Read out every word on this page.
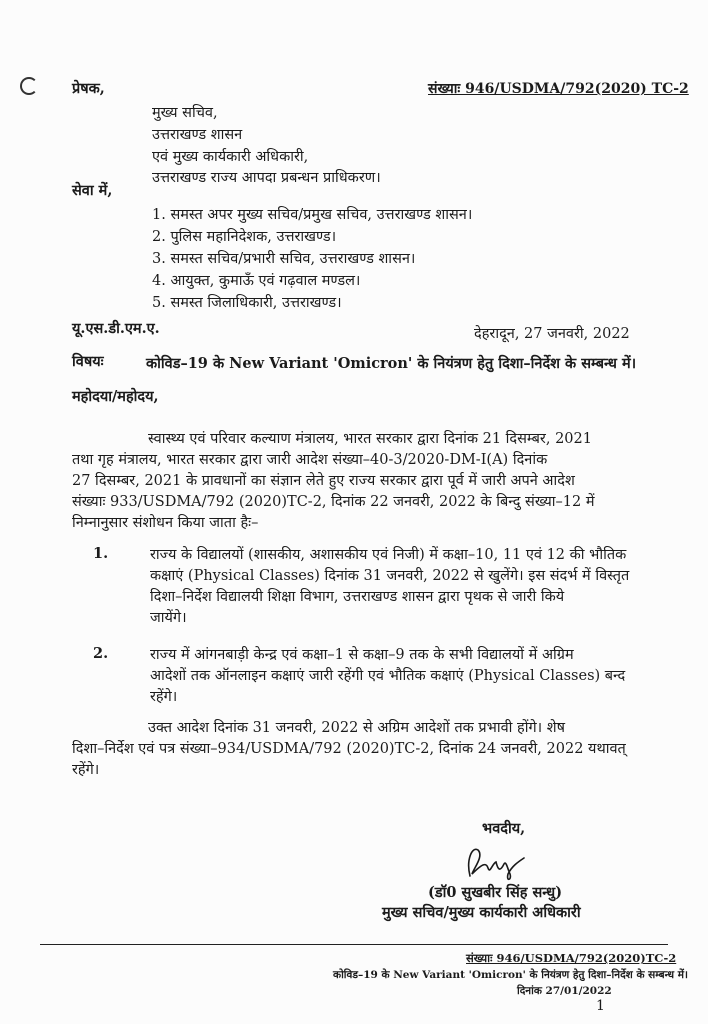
प्रेषक,	संख्याः 946/USDMA/792(2020) TC-2
मुख्य सचिव,
उत्तराखण्ड शासन
एवं मुख्य कार्यकारी अधिकारी,
उत्तराखण्ड राज्य आपदा प्रबन्धन प्राधिकरण।
सेवा में,
1. समस्त अपर मुख्य सचिव/प्रमुख सचिव, उत्तराखण्ड शासन।
2. पुलिस महानिदेशक, उत्तराखण्ड।
3. समस्त सचिव/प्रभारी सचिव, उत्तराखण्ड शासन।
4. आयुक्त, कुमाऊँ एवं गढ़वाल मण्डल।
5. समस्त जिलाधिकारी, उत्तराखण्ड।
यू.एस.डी.एम.ए.	देहरादून, 27 जनवरी, 2022
विषयः	कोविड–19 के New Variant 'Omicron' के नियंत्रण हेतु दिशा–निर्देश के सम्बन्ध में।
महोदया/महोदय,
स्वास्थ्य एवं परिवार कल्याण मंत्रालय, भारत सरकार द्वारा दिनांक 21 दिसम्बर, 2021
तथा गृह मंत्रालय, भारत सरकार द्वारा जारी आदेश संख्या–40-3/2020-DM-I(A) दिनांक
27 दिसम्बर, 2021 के प्रावधानों का संज्ञान लेते हुए राज्य सरकार द्वारा पूर्व में जारी अपने आदेश
संख्याः 933/USDMA/792 (2020)TC-2, दिनांक 22 जनवरी, 2022 के बिन्दु संख्या–12 में
निम्नानुसार संशोधन किया जाता हैः–
1.	राज्य के विद्यालयों (शासकीय, अशासकीय एवं निजी) में कक्षा–10, 11 एवं 12 की भौतिक
कक्षाएं (Physical Classes) दिनांक 31 जनवरी, 2022 से खुलेंगे। इस संदर्भ में विस्तृत
दिशा–निर्देश विद्यालयी शिक्षा विभाग, उत्तराखण्ड शासन द्वारा पृथक से जारी किये
जायेंगे।
2.	राज्य में आंगनबाड़ी केन्द्र एवं कक्षा–1 से कक्षा–9 तक के सभी विद्यालयों में अग्रिम
आदेशों तक ऑनलाइन कक्षाएं जारी रहेंगी एवं भौतिक कक्षाएं (Physical Classes) बन्द
रहेंगे।
उक्त आदेश दिनांक 31 जनवरी, 2022 से अग्रिम आदेशों तक प्रभावी होंगे। शेष
दिशा–निर्देश एवं पत्र संख्या–934/USDMA/792 (2020)TC-2, दिनांक 24 जनवरी, 2022 यथावत्
रहेंगे।
भवदीय,
(डॉ0 सुखबीर सिंह सन्धु)
मुख्य सचिव/मुख्य कार्यकारी अधिकारी
संख्याः 946/USDMA/792(2020)TC-2
कोविड–19 के New Variant 'Omicron' के नियंत्रण हेतु दिशा–निर्देश के सम्बन्ध में।
दिनांक 27/01/2022
1
